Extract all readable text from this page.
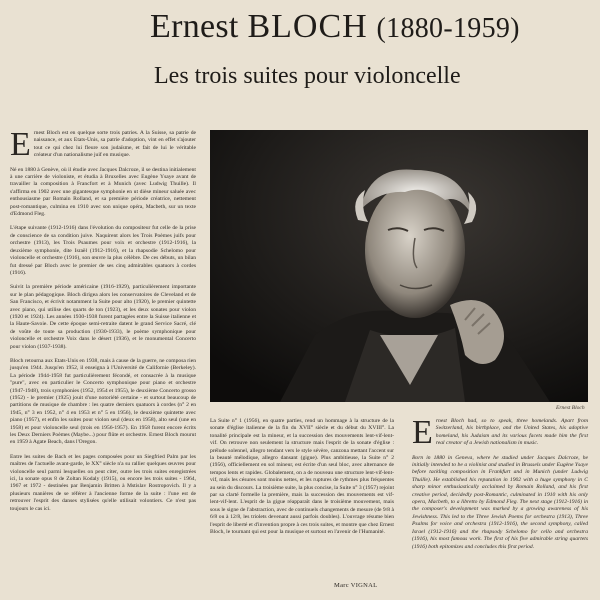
Ernest BLOCH (1880-1959)
Les trois suites pour violoncelle

Ernest Bloch est en quelque sorte trois patries. A la Suisse, sa patrie de naissance, et aux Etats-Unis, sa patrie d'adoption, vint en effet s'ajouter tout ce qui chez lui fleure son judaïsme, et fait de lui le véritable créateur d'un nationalisme juif en musique.

Né en 1880 à Genève, où il étudie avec Jacques Dalcroze, il se destina initialement à une carrière de violoniste, et étudia à Bruxelles avec Eugène Ysaye avant de travailler la composition à Francfort et à Munich (avec Ludwig Thuille). Il s'affirma en 1902 avec une gigantesque symphonie en ut dièse mineur saluée avec enthousiasme par Romain Rolland, et sa première période créatrice, nettement post-romantique, culmina en 1910 avec son unique opéra, Macbeth, sur un texte d'Edmond Fleg.

L'étape suivante (1912-1916) dans l'évolution du compositeur fut celle de la prise de conscience de sa condition juive. Naquirent alors les Trois Poèmes juifs pour orchestre (1913), les Trois Psaumes pour voix et orchestre (1912-1916), la deuxième symphonie, dite Israël (1912-1916), et la rhapsodie Schelomo pour violoncelle et orchestre (1916), son œuvre la plus célèbre. De ces débuts, un bilan fut dressé par Bloch avec le premier de ses cinq admirables quatuors à cordes (1916).

Suivit la première période américaine (1916-1929), particulièrement importante sur le plan pédagogique. Bloch dirigea alors les conservatoires de Cleveland et de San Francisco, et écrivit notamment la Suite pour alto (1920), le premier quintette avec piano, qui utilise des quarts de ton (1923), et les deux sonates pour violon (1920 et 1924). Les années 1930-1938 furent partagées entre la Suisse italienne et la Haute-Savoie. De cette époque semi-retraite datent le grand Service Sacré, clé de voûte de toute sa production (1930-1933), le poème symphonique pour violoncelle et orchestre Voix dans le désert (1936), et le monumental Concerto pour violon (1937-1938).

Bloch retourna aux Etats-Unis en 1938, mais à cause de la guerre, ne composa rien jusqu'en 1944. Jusqu'en 1952, il enseigna à l'Université de Californie (Berkeley). La période 1944-1958 fut particulièrement fécondé, et consacrée à la musique "pure", avec en particulier le Concerto symphonique pour piano et orchestre (1947-1948), trois symphonies (1952, 1954 et 1955), le deuxième Concerto grosso (1952) - le premier (1925) jouit d'une notoriété certaine - et surtout beaucoup de partitions de musique de chambre : les quatre derniers quatuors à cordes (n° 2 en 1945, n° 3 en 1952, n° 4 en 1953 et n° 5 en 1956), le deuxième quintette avec piano (1957), et enfin les suites pour violon seul (deux en 1958), alto seul (une en 1958) et pour violoncelle seul (trois en 1956-1957). En 1958 furent encore écrits les Deux Derniers Poèmes (Maybe...) pour flûte et orchestre. Ernest Bloch mourut en 1959 à Agate Beach, dans l'Oregon.

Entre les suites de Bach et les pages composées pour un Siegfried Palm par les maîtres de l'actuelle avant-garde, le XX° siècle n'a su rallier quelques œuvres pour violoncelle seul parmi lesquelles on peut citer, outre les trois suites enregistrées ici, la sonate opus 8 de Zoltan Kodaly (1915), ou encore les trois suites - 1964, 1967 et 1972 - destinées par Benjamin Britten à Mstislav Rostropovich. Il y a plusieurs manières de se référer à l'ancienne forme de la suite : l'une est de retrouver l'esprit des danses stylisées qu'elle utilisait volontiers. Ce n'est pas toujours le cas ici.

Ernest Bloch

La Suite n° 1 (1956), en quatre parties, rend un hommage à la structure de la sonate d'église italienne de la fin du XVII° siècle et du début du XVIII°. La tonalité principale est la mineur, et la succession des mouvements lent-vif-lent-vif. On retrouve non seulement la structure mais l'esprit de la sonate d'église : prélude solennel, allegro tendant vers le style sévère, canzona mettant l'accent sur la beauté mélodique, allegro dansant (gigue). Plus ambitieuse, la Suite n° 2 (1956), officiellement en sol mineur, est écrite d'un seul bloc, avec alternance de tempos lents et rapides. Globalement, on a de nouveau une structure lent-vif-lent-vif, mais les césures sont moins nettes, et les ruptures de rythmes plus fréquentes au sein du discours. La troisième suite, la plus concise, la Suite n° 3 (1957) rejoint par sa clarté formelle la première, mais la succession des mouvements est vif-lent-vif-lent. L'esprit de la gigue réapparaît dans le troisième mouvement, mais sous le signe de l'abstraction, avec de continuels changements de mesure (de 9/8 à 6/8 ou à 12/8, les triolets devenant aussi parfois doubles). L'ouvrage résume bien l'esprit de liberté et d'invention propre à ces trois suites, et montre que chez Ernest Bloch, le tournant qui est pour la musique et surtout en l'avenir de l'Humanité.

Marc VIGNAL

Ernest Bloch had, so to speak, three homelands. Apart from Switzerland, his birthplace, and the United States, his adoptive homeland, his Judaism and its various facets made him the first real creator of a Jewish nationalism in music.

Born in 1880 in Geneva, where he studied under Jacques Dalcroze, he initially intended to be a violinist and studied in Brussels under Eugène Ysaye before tackling composition in Frankfurt and in Munich (under Ludwig Thuille). He established his reputation in 1902 with a huge symphony in C sharp minor enthusiastically acclaimed by Romain Rolland, and his first creative period, decidedly post-Romantic, culminated in 1910 with his only opera, Macbeth, to a libretto by Edmond Fleg. The next stage (1912-1916) in the composer's development was marked by a growing awareness of his Jewishness. This led to the Three Jewish Poems for orchestra (1913), Three Psalms for voice and orchestra (1912-1916), the second symphony, called Israel (1912-1916) and the rhapsody Schelomo for cello and orchestra (1916), his most famous work. The first of his five admirable string quartets (1916) both epitomizes and concludes this first period.
